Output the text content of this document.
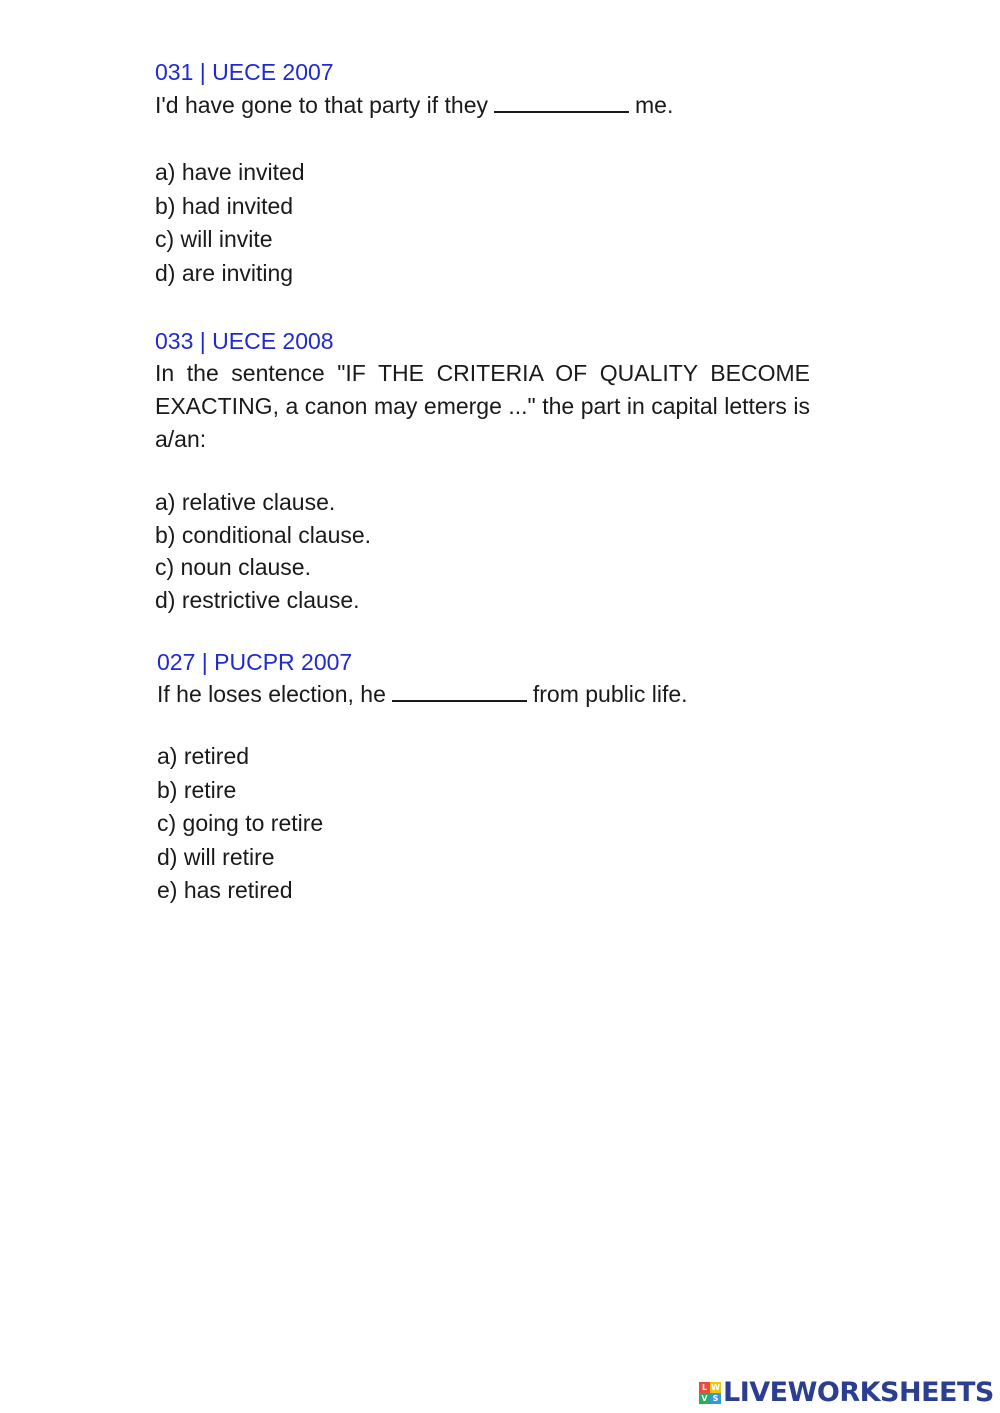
031 | UECE 2007
I'd have gone to that party if they	me.
a) have invited
b) had invited
c) will invite
d) are inviting
033 | UECE 2008
In the sentence "IF THE CRITERIA OF QUALITY BECOME EXACTING, a canon may emerge ..." the part in capital letters is a/an:
a) relative clause.
b) conditional clause.
c) noun clause.
d) restrictive clause.
027 | PUCPR 2007
If he loses election, he	from public life.
a) retired
b) retire
c) going to retire
d) will retire
e) has retired
L W
V S LIVEWORKSHEETS
